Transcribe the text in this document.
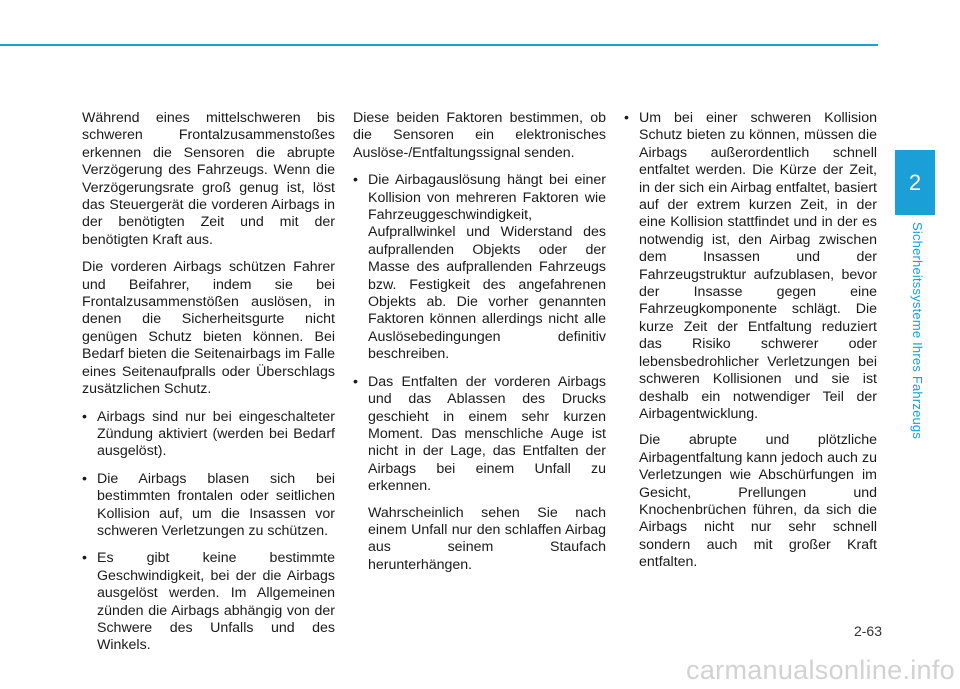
Während eines mittelschweren bis schweren Frontalzusammenstoßes erkennen die Sensoren die abrupte Verzögerung des Fahrzeugs. Wenn die Verzögerungsrate groß genug ist, löst das Steuergerät die vorderen Airbags in der benötigten Zeit und mit der benötigten Kraft aus.

Die vorderen Airbags schützen Fahrer und Beifahrer, indem sie bei Frontalzusammenstößen auslösen, in denen die Sicherheitsgurte nicht genügen Schutz bieten können. Bei Bedarf bieten die Seitenairbags im Falle eines Seitenaufpralls oder Überschlags zusätzlichen Schutz.

• Airbags sind nur bei eingeschalteter Zündung aktiviert (werden bei Bedarf ausgelöst).

• Die Airbags blasen sich bei bestimmten frontalen oder seitlichen Kollision auf, um die Insassen vor schweren Verletzungen zu schützen.

• Es gibt keine bestimmte Geschwindigkeit, bei der die Airbags ausgelöst werden. Im Allgemeinen zünden die Airbags abhängig von der Schwere des Unfalls und des Winkels.

Diese beiden Faktoren bestimmen, ob die Sensoren ein elektronisches Auslöse-/Entfaltungssignal senden.

• Die Airbagauslösung hängt bei einer Kollision von mehreren Faktoren wie Fahrzeuggeschwindigkeit, Aufprallwinkel und Widerstand des aufprallenden Objekts oder der Masse des aufprallenden Fahrzeugs bzw. Festigkeit des angefahrenen Objekts ab. Die vorher genannten Faktoren können allerdings nicht alle Auslösebedingungen definitiv beschreiben.

• Das Entfalten der vorderen Airbags und das Ablassen des Drucks geschieht in einem sehr kurzen Moment. Das menschliche Auge ist nicht in der Lage, das Entfalten der Airbags bei einem Unfall zu erkennen.

Wahrscheinlich sehen Sie nach einem Unfall nur den schlaffen Airbag aus seinem Staufach herunterhängen.

• Um bei einer schweren Kollision Schutz bieten zu können, müssen die Airbags außerordentlich schnell entfaltet werden. Die Kürze der Zeit, in der sich ein Airbag entfaltet, basiert auf der extrem kurzen Zeit, in der eine Kollision stattfindet und in der es notwendig ist, den Airbag zwischen dem Insassen und der Fahrzeugstruktur aufzublasen, bevor der Insasse gegen eine Fahrzeugkomponente schlägt. Die kurze Zeit der Entfaltung reduziert das Risiko schwerer oder lebensbedrohlicher Verletzungen bei schweren Kollisionen und sie ist deshalb ein notwendiger Teil der Airbagentwicklung.

Die abrupte und plötzliche Airbagentfaltung kann jedoch auch zu Verletzungen wie Abschürfungen im Gesicht, Prellungen und Knochenbrüchen führen, da sich die Airbags nicht nur sehr schnell sondern auch mit großer Kraft entfalten.

2
Sicherheitssysteme Ihres Fahrzeugs
2-63
carmanualsonline.info
